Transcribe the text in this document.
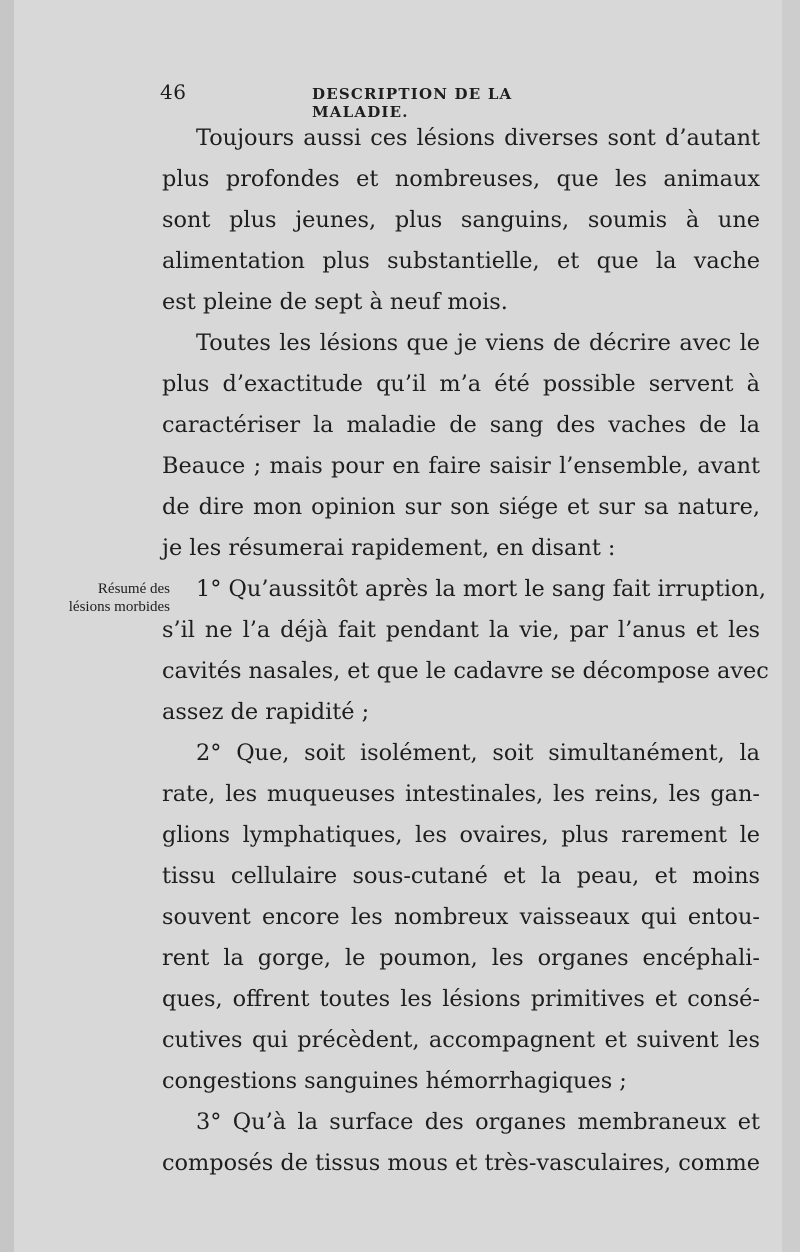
46	DESCRIPTION DE LA MALADIE.
Résumé des
lésions morbides
Toujours aussi ces lésions diverses sont d’autant
plus profondes et nombreuses, que les animaux
sont plus jeunes, plus sanguins, soumis à une
alimentation plus substantielle, et que la vache
est pleine de sept à neuf mois.
Toutes les lésions que je viens de décrire avec le
plus d’exactitude qu’il m’a été possible servent à
caractériser la maladie de sang des vaches de la
Beauce ; mais pour en faire saisir l’ensemble, avant
de dire mon opinion sur son siége et sur sa nature,
je les résumerai rapidement, en disant :
1° Qu’aussitôt après la mort le sang fait irruption,
s’il ne l’a déjà fait pendant la vie, par l’anus et les
cavités nasales, et que le cadavre se décompose avec
assez de rapidité ;
2° Que, soit isolément, soit simultanément, la
rate, les muqueuses intestinales, les reins, les gan-
glions lymphatiques, les ovaires, plus rarement le
tissu cellulaire sous-cutané et la peau, et moins
souvent encore les nombreux vaisseaux qui entou-
rent la gorge, le poumon, les organes encéphali-
ques, offrent toutes les lésions primitives et consé-
cutives qui précèdent, accompagnent et suivent les
congestions sanguines hémorrhagiques ;
3° Qu’à la surface des organes membraneux et
composés de tissus mous et très-vasculaires, comme
